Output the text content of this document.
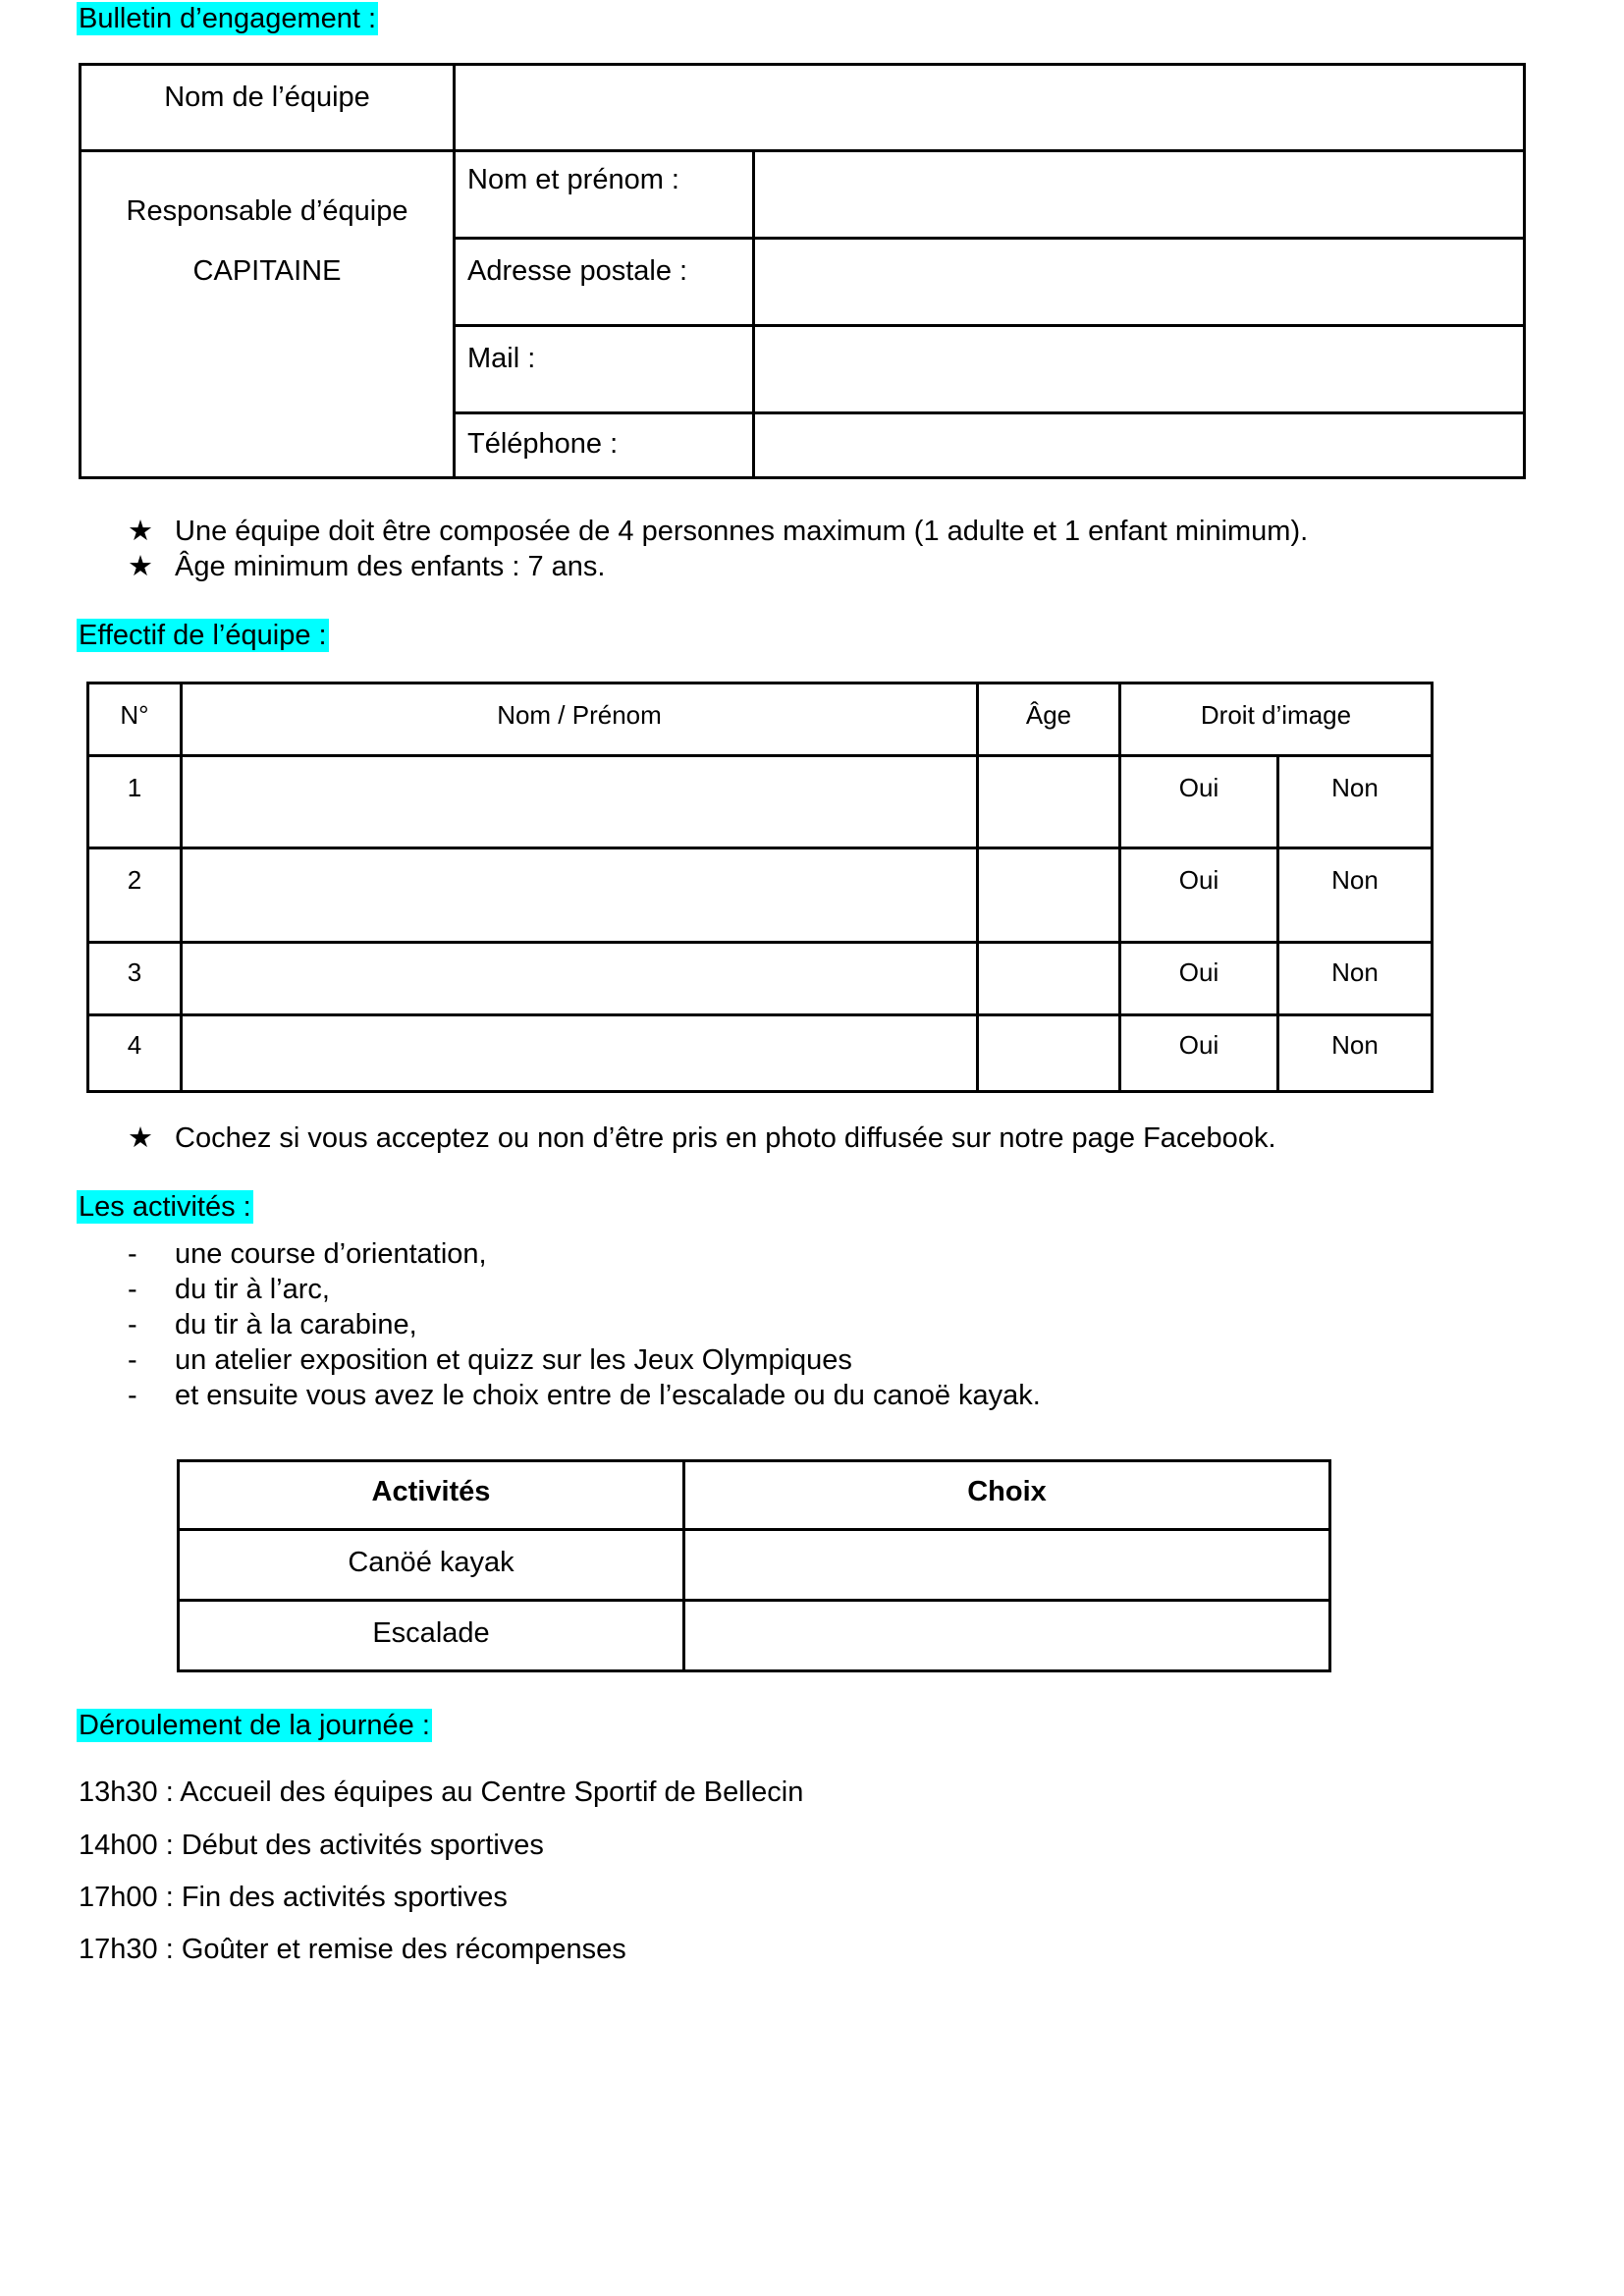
Bulletin d’engagement :
Nom de l’équipe		

Responsable d’équipe
CAPITAINE	Nom et prénom :	
	Adresse postale :	
	Mail :	
	Téléphone :	
★ Une équipe doit être composée de 4 personnes maximum (1 adulte et 1 enfant minimum).
★ Âge minimum des enfants : 7 ans.
Effectif de l’équipe :
N°	Nom / Prénom	Âge	Droit d’image	
1			Oui	Non
2			Oui	Non
3			Oui	Non
4			Oui	Non
★ Cochez si vous acceptez ou non d’être pris en photo diffusée sur notre page Facebook.
Les activités :
- une course d’orientation,
- du tir à l’arc,
- du tir à la carabine,
- un atelier exposition et quizz sur les Jeux Olympiques
- et ensuite vous avez le choix entre de l’escalade ou du canoë kayak.
Activités	Choix
Canöé kayak	
Escalade	
Déroulement de la journée :
13h30 : Accueil des équipes au Centre Sportif de Bellecin
14h00 : Début des activités sportives
17h00 : Fin des activités sportives
17h30 : Goûter et remise des récompenses
